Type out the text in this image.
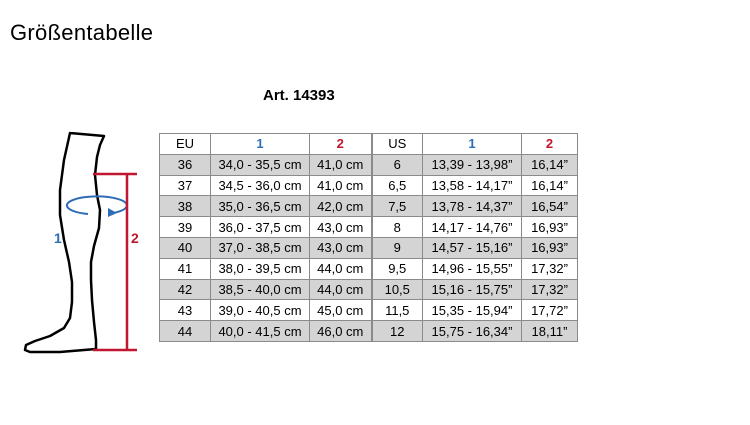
Größentabelle
Art. 14393
1	2
EU	1	2	US	1	2
36	34,0 - 35,5 cm	41,0 cm	6	13,39 - 13,98”	16,14”
37	34,5 - 36,0 cm	41,0 cm	6,5	13,58 - 14,17”	16,14”
38	35,0 - 36,5 cm	42,0 cm	7,5	13,78 - 14,37”	16,54”
39	36,0 - 37,5 cm	43,0 cm	8	14,17 - 14,76”	16,93”
40	37,0 - 38,5 cm	43,0 cm	9	14,57 - 15,16”	16,93”
41	38,0 - 39,5 cm	44,0 cm	9,5	14,96 - 15,55”	17,32”
42	38,5 - 40,0 cm	44,0 cm	10,5	15,16 - 15,75”	17,32”
43	39,0 - 40,5 cm	45,0 cm	11,5	15,35 - 15,94”	17,72”
44	40,0 - 41,5 cm	46,0 cm	12	15,75 - 16,34”	18,11”
